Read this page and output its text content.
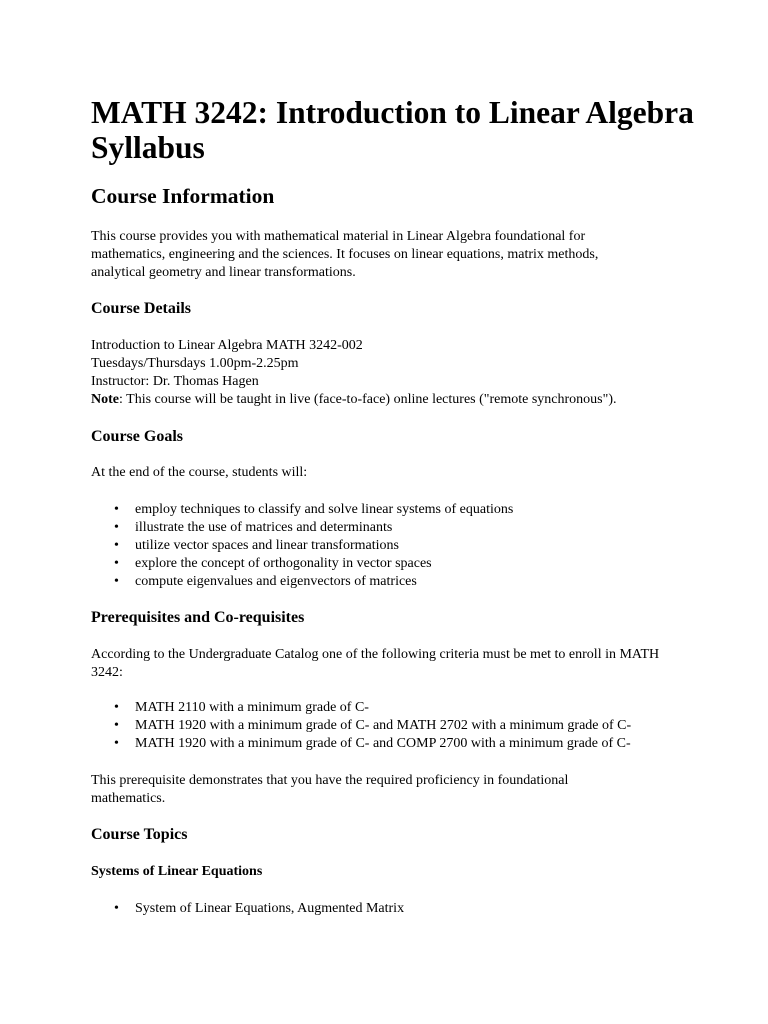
MATH 3242: Introduction to Linear Algebra Syllabus
Course Information

This course provides you with mathematical material in Linear Algebra foundational for mathematics, engineering and the sciences. It focuses on linear equations, matrix methods, analytical geometry and linear transformations.

Course Details
Introduction to Linear Algebra MATH 3242-002
Tuesdays/Thursdays 1.00pm-2.25pm
Instructor: Dr. Thomas Hagen
Note: This course will be taught in live (face-to-face) online lectures ("remote synchronous").
Course Goals

At the end of the course, students will:

• employ techniques to classify and solve linear systems of equations
• illustrate the use of matrices and determinants
• utilize vector spaces and linear transformations
• explore the concept of orthogonality in vector spaces
• compute eigenvalues and eigenvectors of matrices
Prerequisites and Co-requisites

According to the Undergraduate Catalog one of the following criteria must be met to enroll in MATH 3242:

• MATH 2110 with a minimum grade of C-
• MATH 1920 with a minimum grade of C- and MATH 2702 with a minimum grade of C-
• MATH 1920 with a minimum grade of C- and COMP 2700 with a minimum grade of C-

This prerequisite demonstrates that you have the required proficiency in foundational mathematics.

Course Topics
Systems of Linear Equations
• System of Linear Equations, Augmented Matrix
